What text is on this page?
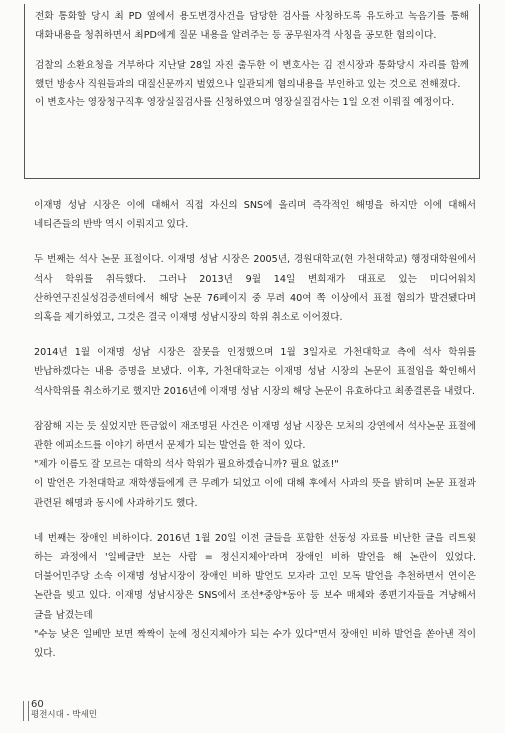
전화 통화할 당시 최 PD 옆에서 용도변경사건을 담당한 검사를 사칭하도록 유도하고 녹음기를 통해 대화내용을 청취하면서 최PD에게 질문 내용을 알려주는 등 공무원자격 사칭을 공모한 혐의이다.

검찰의 소환요청을 거부하다 지난달 28일 자진 출두한 이 변호사는 김 전시장과 통화당시 자리를 함께 했던 방송사 직원들과의 대질신문까지 벌였으나 일관되게 혐의내용을 부인하고 있는 것으로 전해졌다.

이 변호사는 영장청구직후 영장실질검사를 신청하였으며 영장실질검사는 1일 오전 이뤄질 예정이다.

이재명 성남 시장은 이에 대해서 직접 자신의 SNS에 올리며 즉각적인 해명을 하지만 이에 대해서 네티즌들의 반박 역시 이뤄지고 있다.

두 번째는 석사 논문 표절이다. 이재명 성남 시장은 2005년, 경원대학교(현 가천대학교) 행정대학원에서 석사 학위를 취득했다. 그러나 2013년 9월 14일 변희재가 대표로 있는 미디어워치 산하연구진실성검증센터에서 해당 논문 76페이지 중 무려 40여 쪽 이상에서 표절 혐의가 발견됐다며 의혹을 제기하였고, 그것은 결국 이재명 성남시장의 학위 취소로 이어졌다.

2014년 1월 이재명 성남 시장은 잘못을 인정했으며 1월 3일자로 가천대학교 측에 석사 학위를 반납하겠다는 내용 증명을 보냈다. 이후, 가천대학교는 이재명 성남 시장의 논문이 표절임을 확인해서 석사학위를 취소하기로 했지만 2016년에 이재명 성남 시장의 해당 논문이 유효하다고 최종결론을 내렸다.

잠잠해 지는 듯 싶었지만 뜬금없이 재조명된 사건은 이재명 성남 시장은 모처의 강연에서 석사논문 표절에 관한 에피소드를 이야기 하면서 문제가 되는 발언을 한 적이 있다.

"제가 이름도 잘 모르는 대학의 석사 학위가 필요하겠습니까? 필요 없죠!"

이 발언은 가천대학교 재학생들에게 큰 무례가 되었고 이에 대해 후에서 사과의 뜻을 밝히며 논문 표절과 관련된 해명과 동시에 사과하기도 했다.

네 번째는 장애인 비하이다. 2016년 1월 20일 이전 글들을 포함한 선동성 자료를 비난한 글을 리트윗 하는 과정에서 '일베글만 보는 사람 = 정신지체아'라며 장애인 비하 발언을 해 논란이 있었다. 더불어민주당 소속 이재명 성남시장이 장애인 비하 발언도 모자라 고인 모독 발언을 추천하면서 연이은 논란을 빚고 있다. 이재명 성남시장은 SNS에서 조선*중앙*동아 등 보수 매체와 종편기자들을 겨냥해서 글을 남겼는데

"수능 낮은 일베만 보면 짝짝이 눈에 정신지체아가 되는 수가 있다"면서 장애인 비하 발언을 쏟아낸 적이 있다.

60
평전시대 - 박세민
